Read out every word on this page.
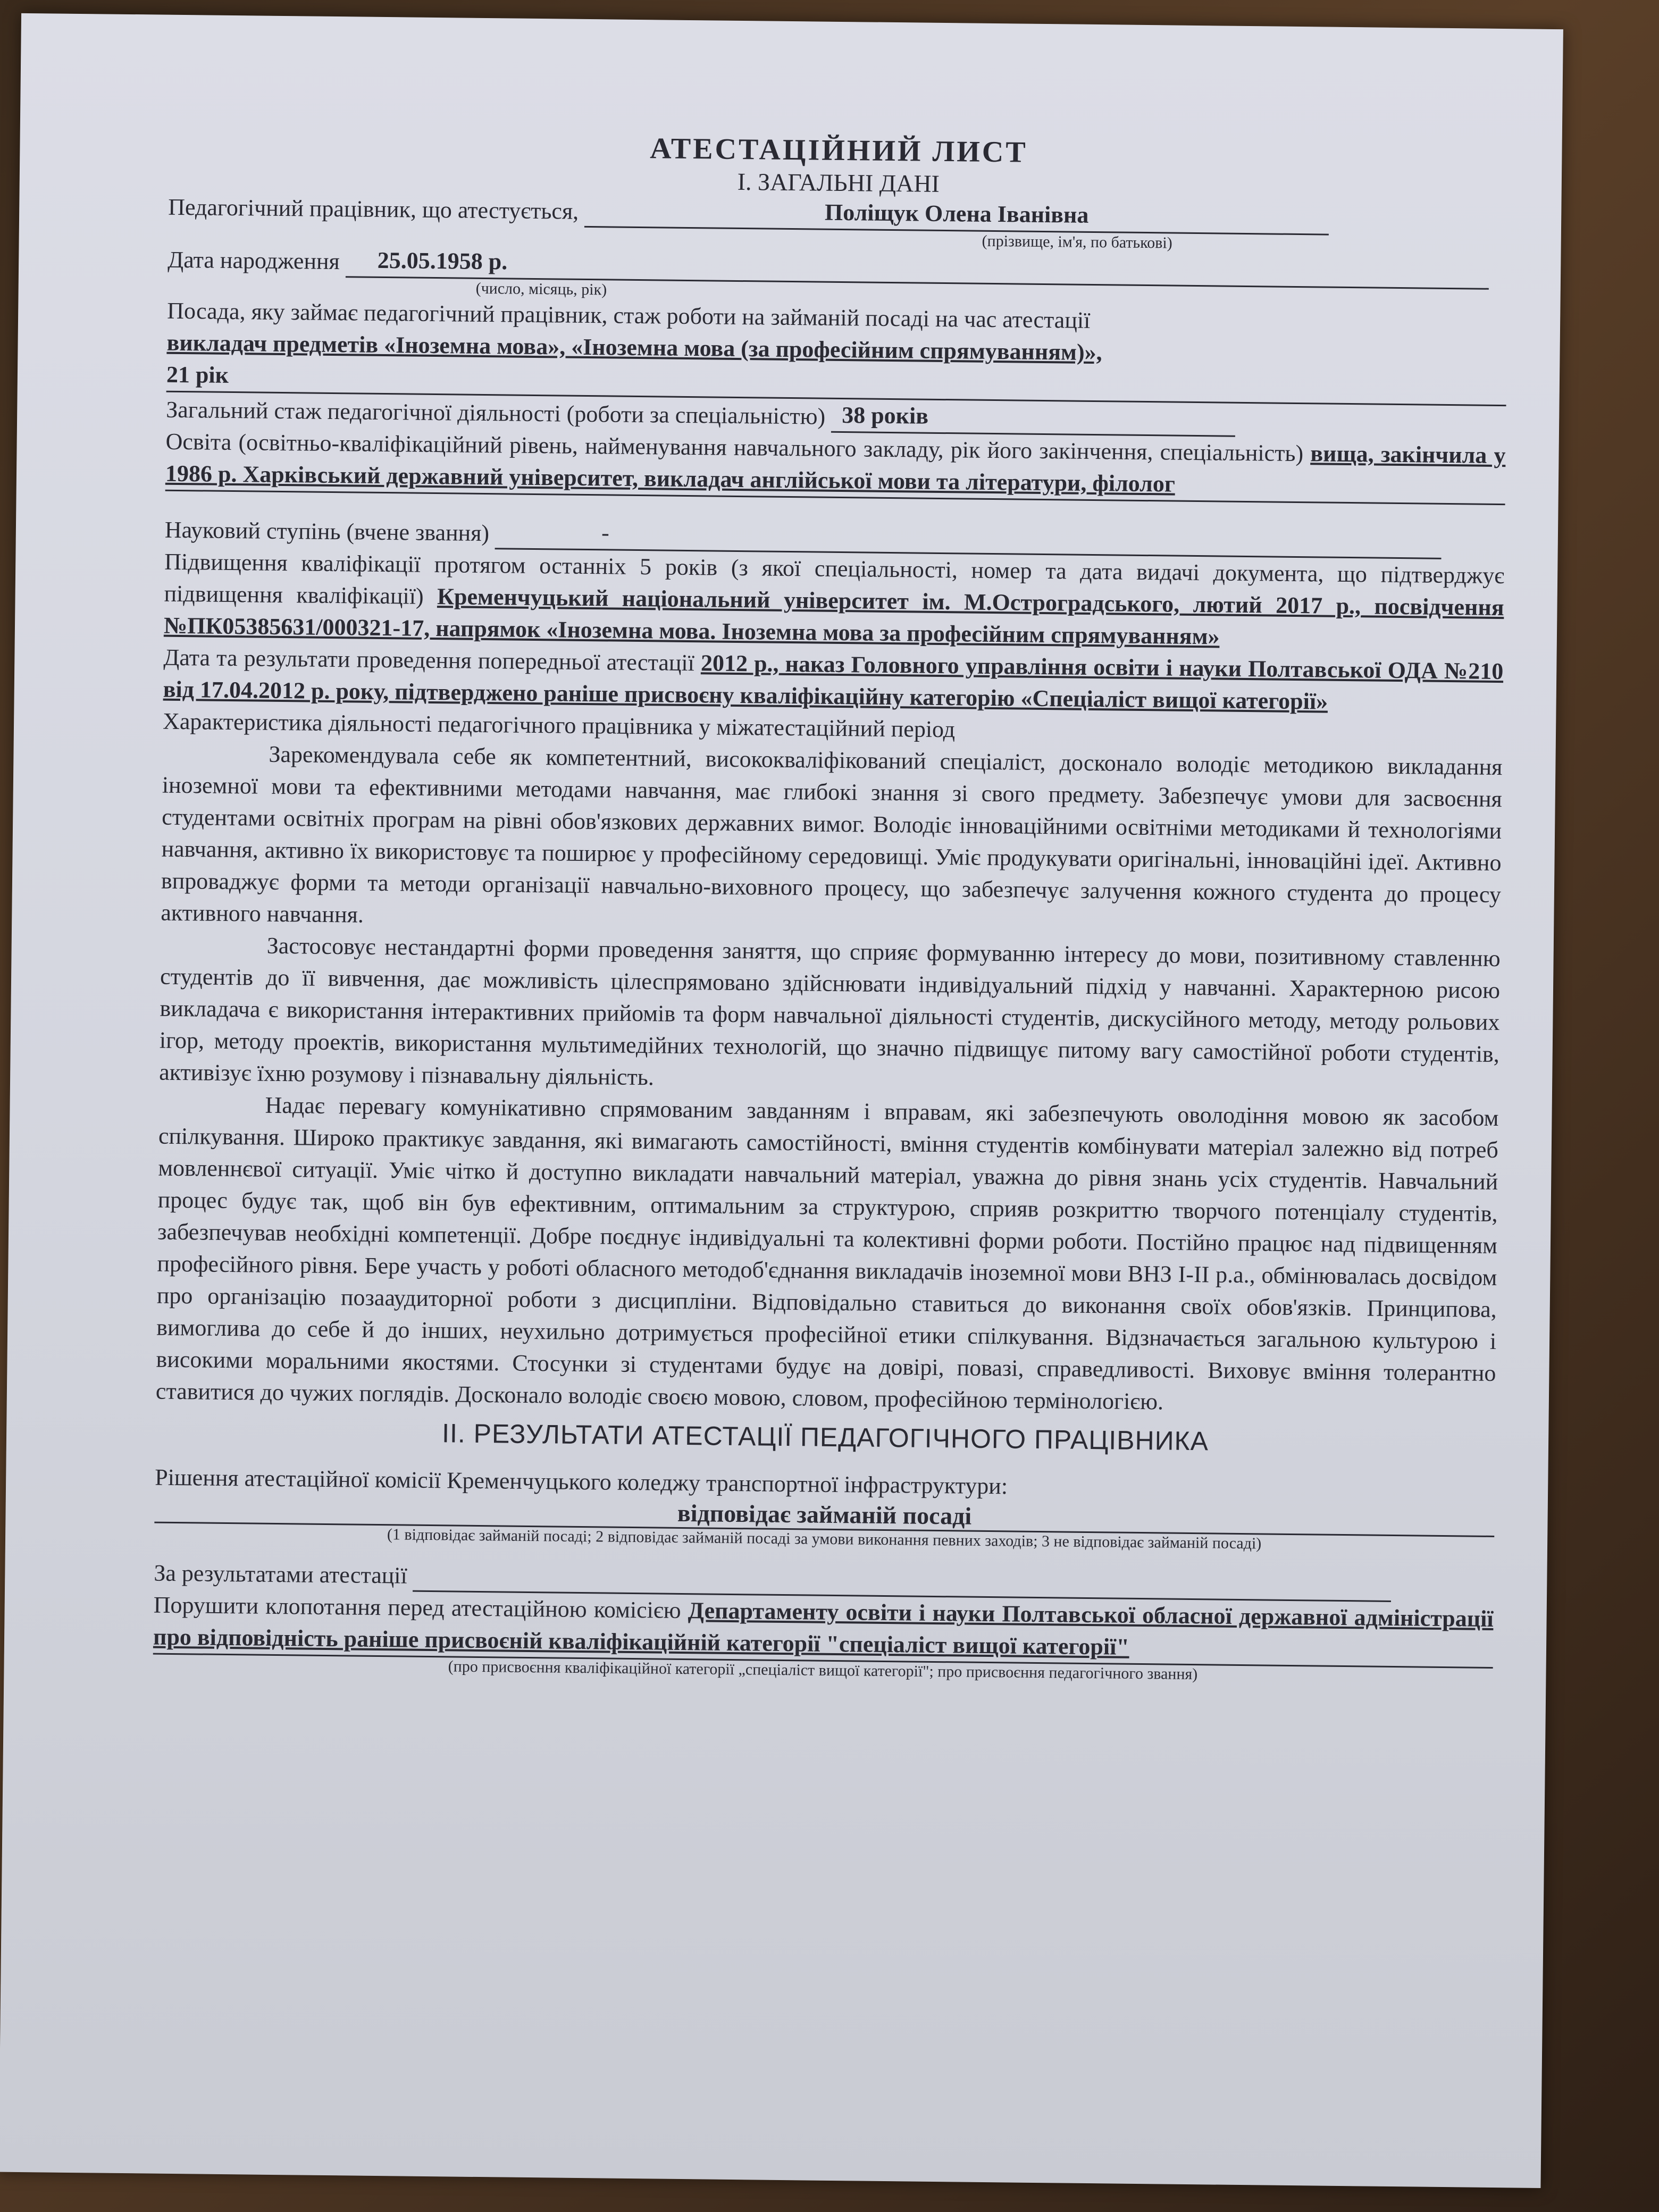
АТЕСТАЦІЙНИЙ ЛИСТ
І. ЗАГАЛЬНІ ДАНІ

Педагогічний працівник, що атестується,	Поліщук Олена Іванівна

(прізвище, ім'я, по батькові)

Дата народження 25.05.1958 р.

(число, місяць, рік)

Посада, яку займає педагогічний працівник, стаж роботи на займаній посаді на час атестації

викладач предметів «Іноземна мова», «Іноземна мова (за професійним спрямуванням)»,

21 рік

Загальний стаж педагогічної діяльності (роботи за спеціальністю) 38 років

Освіта (освітньо-кваліфікаційний рівень, найменування навчального закладу, рік його закінчення, спеціальність) вища, закінчила у 1986 р. Харківський державний університет, викладач англійської мови та літератури, філолог

Науковий ступінь (вчене звання)	-

Підвищення кваліфікації протягом останніх 5 років (з якої спеціальності, номер та дата видачі документа, що підтверджує підвищення кваліфікації) Кременчуцький національний університет ім. М.Остроградського, лютий 2017 р., посвідчення №ПК05385631/000321-17, напрямок «Іноземна мова. Іноземна мова за професійним спрямуванням»

Дата та результати проведення попередньої атестації 2012 р., наказ Головного управління освіти і науки Полтавської ОДА №210 від 17.04.2012 р. року, підтверджено раніше присвоєну кваліфікаційну категорію «Спеціаліст вищої категорії»

Характеристика діяльності педагогічного працівника у міжатестаційний період

Зарекомендувала себе як компетентний, висококваліфікований спеціаліст, досконало володіє методикою викладання іноземної мови та ефективними методами навчання, має глибокі знання зі свого предмету. Забезпечує умови для засвоєння студентами освітніх програм на рівні обов'язкових державних вимог. Володіє інноваційними освітніми методиками й технологіями навчання, активно їх використовує та поширює у професійному середовищі. Уміє продукувати оригінальні, інноваційні ідеї. Активно впроваджує форми та методи організації навчально-виховного процесу, що забезпечує залучення кожного студента до процесу активного навчання.

Застосовує нестандартні форми проведення заняття, що сприяє формуванню інтересу до мови, позитивному ставленню студентів до її вивчення, дає можливість цілеспрямовано здійснювати індивідуальний підхід у навчанні. Характерною рисою викладача є використання інтерактивних прийомів та форм навчальної діяльності студентів, дискусійного методу, методу рольових ігор, методу проектів, використання мультимедійних технологій, що значно підвищує питому вагу самостійної роботи студентів, активізує їхню розумову і пізнавальну діяльність.

Надає перевагу комунікативно спрямованим завданням і вправам, які забезпечують оволодіння мовою як засобом спілкування. Широко практикує завдання, які вимагають самостійності, вміння студентів комбінувати матеріал залежно від потреб мовленнєвої ситуації. Уміє чітко й доступно викладати навчальний матеріал, уважна до рівня знань усіх студентів. Навчальний процес будує так, щоб він був ефективним, оптимальним за структурою, сприяв розкриттю творчого потенціалу студентів, забезпечував необхідні компетенції. Добре поєднує індивідуальні та колективні форми роботи. Постійно працює над підвищенням професійного рівня. Бере участь у роботі обласного методоб'єднання викладачів іноземної мови ВНЗ І-ІІ р.а., обмінювалась досвідом про організацію позааудиторної роботи з дисципліни. Відповідально ставиться до виконання своїх обов'язків. Принципова, вимоглива до себе й до інших, неухильно дотримується професійної етики спілкування. Відзначається загальною культурою і високими моральними якостями. Стосунки зі студентами будує на довірі, повазі, справедливості. Виховує вміння толерантно ставитися до чужих поглядів. Досконало володіє своєю мовою, словом, професійною термінологією.

ІІ. РЕЗУЛЬТАТИ АТЕСТАЦІЇ ПЕДАГОГІЧНОГО ПРАЦІВНИКА

Рішення атестаційної комісії Кременчуцького коледжу транспортної інфраструктури:

відповідає займаній посаді
(1 відповідає займаній посаді; 2 відповідає займаній посаді за умови виконання певних заходів; 3 не відповідає займаній посаді)

За результатами атестації

Порушити клопотання перед атестаційною комісією Департаменту освіти і науки Полтавської обласної державної адміністрації про відповідність раніше присвоєній кваліфікаційній категорії "спеціаліст вищої категорії"

(про присвоєння кваліфікаційної категорії „спеціаліст вищої категорії"; про присвоєння педагогічного звання)
